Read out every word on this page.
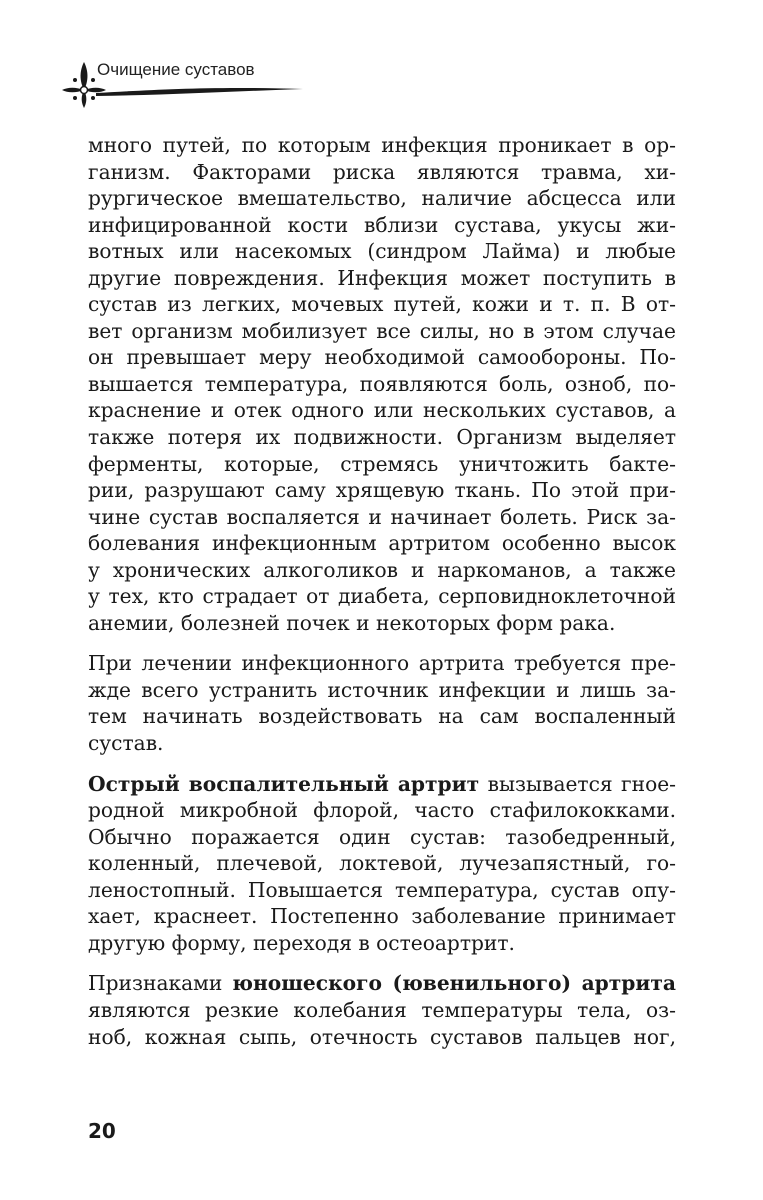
Очищение суставов

много путей, по которым инфекция проникает в ор-
ганизм. Факторами риска являются травма, хи-
рургическое вмешательство, наличие абсцесса или
инфицированной кости вблизи сустава, укусы жи-
вотных или насекомых (синдром Лайма) и любые
другие повреждения. Инфекция может поступить в
сустав из легких, мочевых путей, кожи и т. п. В от-
вет организм мобилизует все силы, но в этом случае
он превышает меру необходимой самообороны. По-
вышается температура, появляются боль, озноб, по-
краснение и отек одного или нескольких суставов, а
также потеря их подвижности. Организм выделяет
ферменты, которые, стремясь уничтожить бакте-
рии, разрушают саму хрящевую ткань. По этой при-
чине сустав воспаляется и начинает болеть. Риск за-
болевания инфекционным артритом особенно высок
у хронических алкоголиков и наркоманов, а также
у тех, кто страдает от диабета, серповидноклеточной
анемии, болезней почек и некоторых форм рака.

При лечении инфекционного артрита требуется пре-
жде всего устранить источник инфекции и лишь за-
тем начинать воздействовать на сам воспаленный
сустав.

Острый воспалительный артрит вызывается гное-
родной микробной флорой, часто стафилококками.
Обычно поражается один сустав: тазобедренный,
коленный, плечевой, локтевой, лучезапястный, го-
леностопный. Повышается температура, сустав опу-
хает, краснеет. Постепенно заболевание принимает
другую форму, переходя в остеоартрит.

Признаками юношеского (ювенильного) артрита
являются резкие колебания температуры тела, оз-
ноб, кожная сыпь, отечность суставов пальцев ног,

20
